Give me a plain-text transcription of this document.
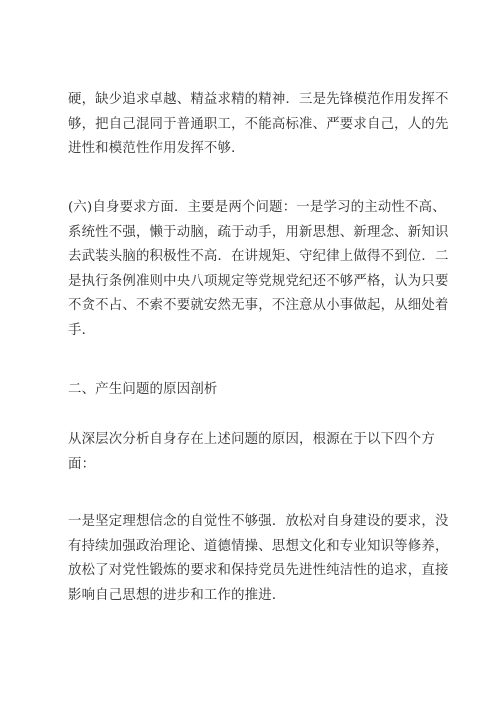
硬，缺少追求卓越、精益求精的精神．三是先锋模范作用发挥不
够，把自己混同于普通职工，不能高标准、严要求自己，人的先
进性和模范性作用发挥不够．

(六)自身要求方面．主要是两个问题：一是学习的主动性不高、
系统性不强，懒于动脑，疏于动手，用新思想、新理念、新知识
去武装头脑的积极性不高．在讲规矩、守纪律上做得不到位．二
是执行条例准则中央八项规定等党规党纪还不够严格，认为只要
不贪不占、不索不要就安然无事，不注意从小事做起，从细处着
手．

二、产生问题的原因剖析

从深层次分析自身存在上述问题的原因，根源在于以下四个方
面：

一是坚定理想信念的自觉性不够强．放松对自身建设的要求，没
有持续加强政治理论、道德情操、思想文化和专业知识等修养，
放松了对党性锻炼的要求和保持党员先进性纯洁性的追求，直接
影响自己思想的进步和工作的推进．
